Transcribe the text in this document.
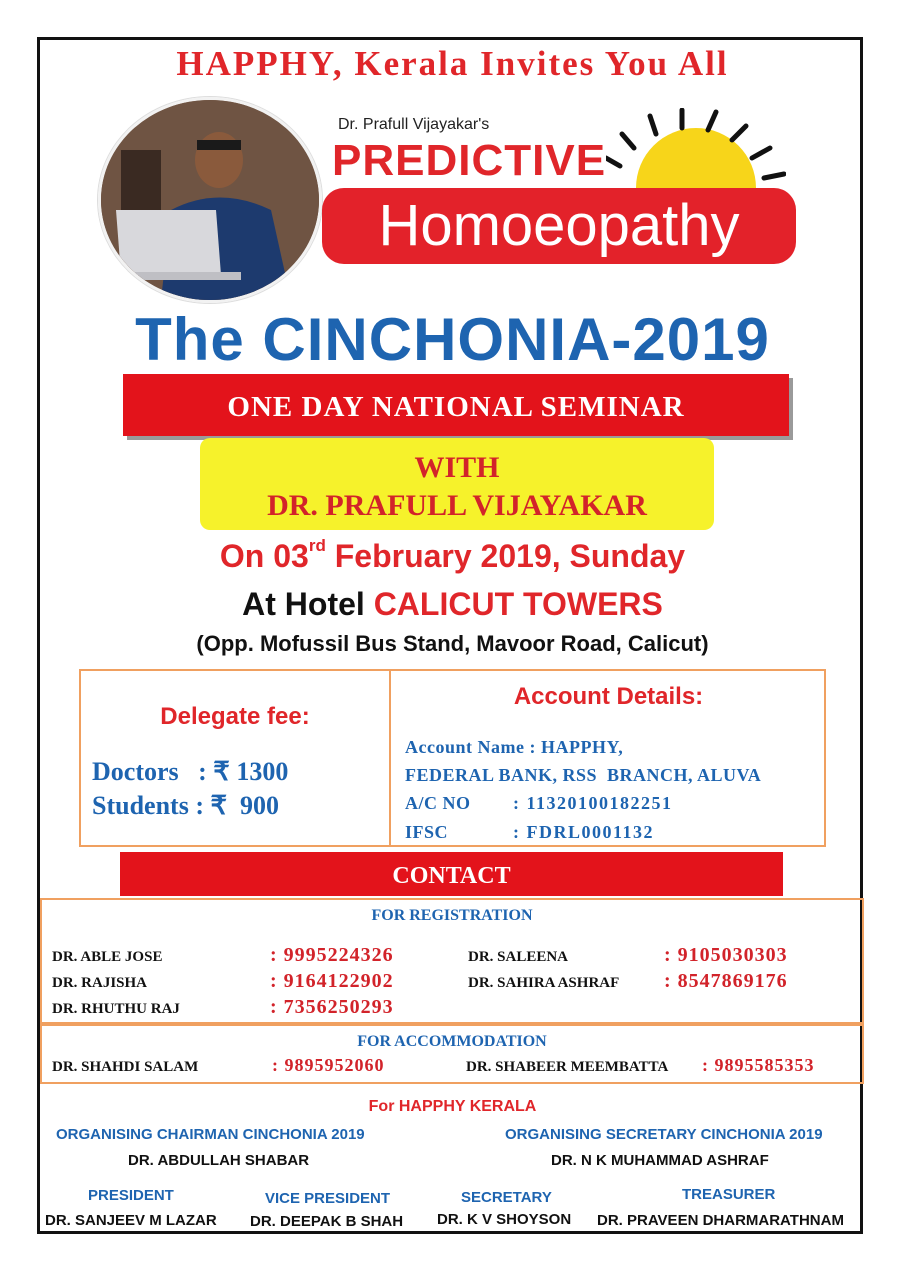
HAPPHY, Kerala Invites You All
Dr. Prafull Vijayakar's
PREDICTIVE
Homoeopathy
The CINCHONIA-2019
ONE DAY NATIONAL SEMINAR
WITH
DR. PRAFULL VIJAYAKAR
On 03rd February 2019, Sunday
At Hotel CALICUT TOWERS
(Opp. Mofussil Bus Stand, Mavoor Road, Calicut)
Delegate fee:
Doctors   : ₹ 1300
Students : ₹  900
Account Details:
Account Name : HAPPHY,
FEDERAL BANK, RSS  BRANCH, ALUVA
A/C NO : 11320100182251
IFSC	: FDRL0001132
CONTACT
FOR REGISTRATION
DR. ABLE JOSE	: 9995224326
DR. RAJISHA	: 9164122902
DR. RHUTHU RAJ	: 7356250293
DR. SALEENA	: 9105030303
DR. SAHIRA ASHRAF : 8547869176
FOR ACCOMMODATION
DR. SHAHDI SALAM	: 9895952060	DR. SHABEER MEEMBATTA : 9895585353
For HAPPHY KERALA
ORGANISING CHAIRMAN CINCHONIA 2019
DR. ABDULLAH SHABAR
ORGANISING SECRETARY CINCHONIA 2019
DR. N K MUHAMMAD ASHRAF
PRESIDENT
DR. SANJEEV M LAZAR
VICE PRESIDENT
DR. DEEPAK B SHAH
SECRETARY
DR. K V SHOYSON
TREASURER
DR. PRAVEEN DHARMARATHNAM
